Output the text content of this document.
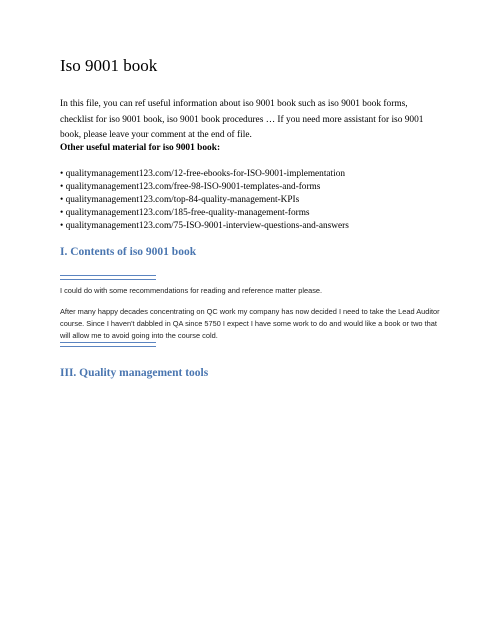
Iso 9001 book

In this file, you can ref useful information about iso 9001 book such as iso 9001 book forms, checklist for iso 9001 book, iso 9001 book procedures … If you need more assistant for iso 9001 book, please leave your comment at the end of file.

Other useful material for iso 9001 book:

• qualitymanagement123.com/12-free-ebooks-for-ISO-9001-implementation
• qualitymanagement123.com/free-98-ISO-9001-templates-and-forms
• qualitymanagement123.com/top-84-quality-management-KPIs
• qualitymanagement123.com/185-free-quality-management-forms
• qualitymanagement123.com/75-ISO-9001-interview-questions-and-answers
I. Contents of iso 9001 book

I could do with some recommendations for reading and reference matter please.

After many happy decades concentrating on QC work my company has now decided I need to take the Lead Auditor course. Since I haven't dabbled in QA since 5750 I expect I have some work to do and would like a book or two that will allow me to avoid going into the course cold.

III. Quality management tools
